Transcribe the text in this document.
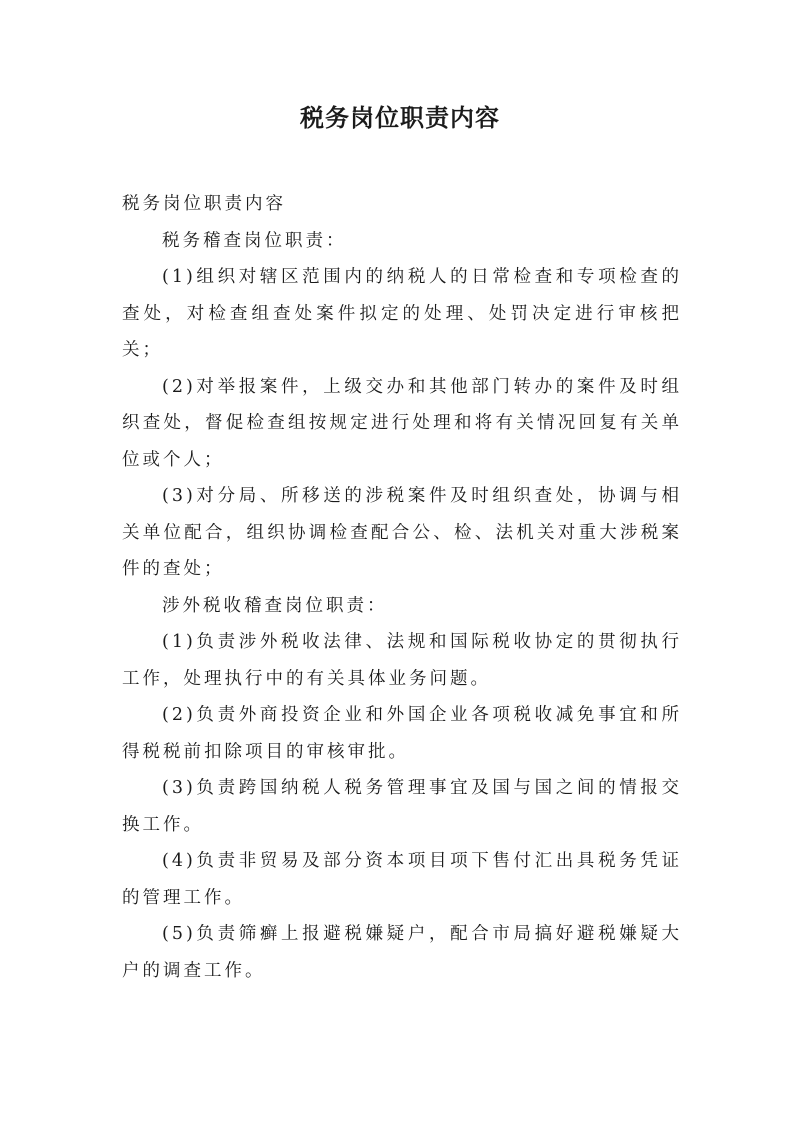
税务岗位职责内容

税务岗位职责内容

税务稽查岗位职责：

(1)组织对辖区范围内的纳税人的日常检查和专项检查的查处，对检查组查处案件拟定的处理、处罚决定进行审核把关；

(2)对举报案件，上级交办和其他部门转办的案件及时组织查处，督促检查组按规定进行处理和将有关情况回复有关单位或个人；

(3)对分局、所移送的涉税案件及时组织查处，协调与相关单位配合，组织协调检查配合公、检、法机关对重大涉税案件的查处；

涉外税收稽查岗位职责：

(1)负责涉外税收法律、法规和国际税收协定的贯彻执行工作，处理执行中的有关具体业务问题。

(2)负责外商投资企业和外国企业各项税收减免事宜和所得税税前扣除项目的审核审批。

(3)负责跨国纳税人税务管理事宜及国与国之间的情报交换工作。

(4)负责非贸易及部分资本项目项下售付汇出具税务凭证的管理工作。

(5)负责筛癣上报避税嫌疑户，配合市局搞好避税嫌疑大户的调查工作。
